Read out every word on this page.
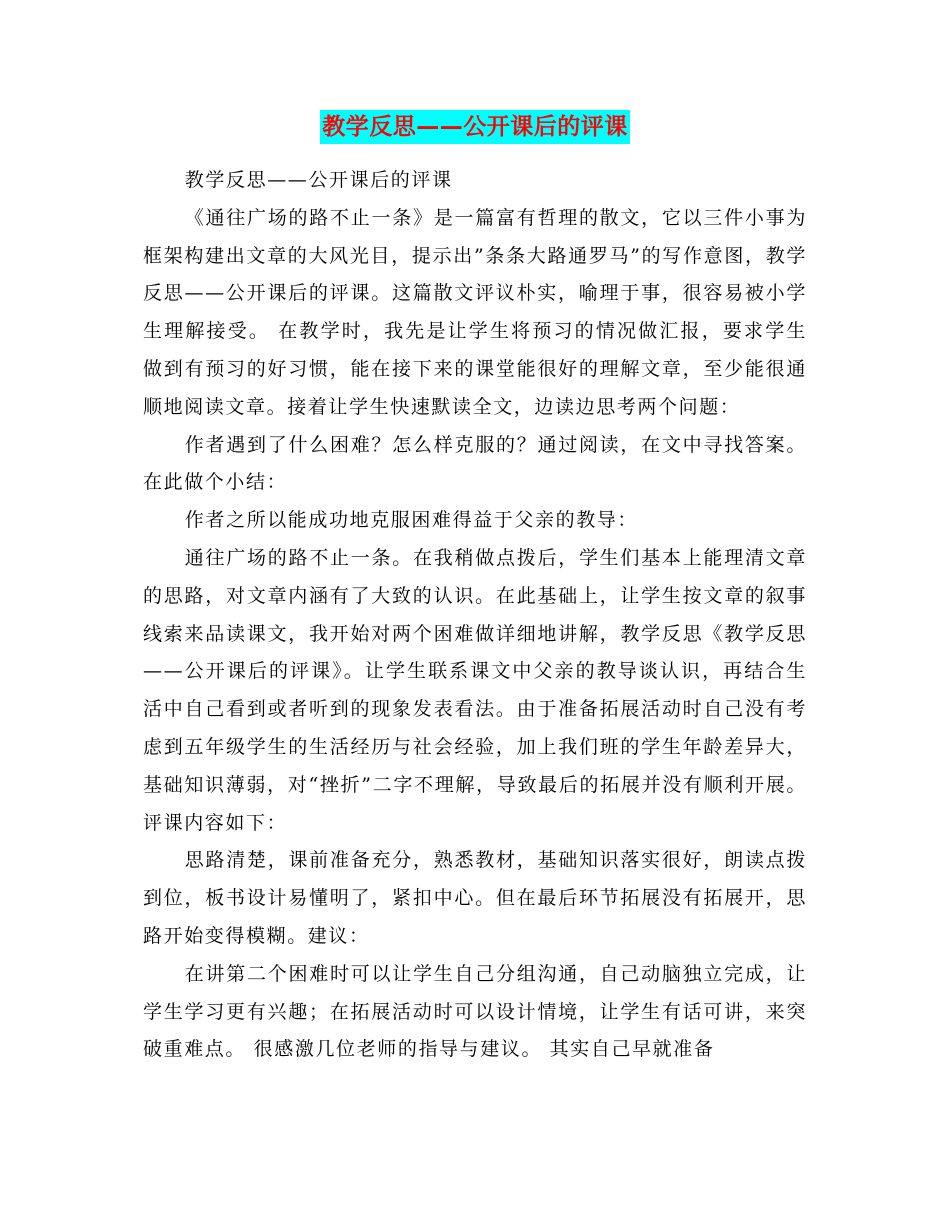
教学反思——公开课后的评课

教学反思——公开课后的评课

《通往广场的路不止一条》是一篇富有哲理的散文，它以三件小事为框架构建出文章的大风光目，提示出”条条大路通罗马”的写作意图，教学反思——公开课后的评课。这篇散文评议朴实，喻理于事，很容易被小学生理解接受。 在教学时，我先是让学生将预习的情况做汇报，要求学生做到有预习的好习惯，能在接下来的课堂能很好的理解文章，至少能很通顺地阅读文章。接着让学生快速默读全文，边读边思考两个问题：

作者遇到了什么困难？怎么样克服的？通过阅读，在文中寻找答案。在此做个小结：

作者之所以能成功地克服困难得益于父亲的教导：

通往广场的路不止一条。在我稍做点拨后，学生们基本上能理清文章的思路，对文章内涵有了大致的认识。在此基础上，让学生按文章的叙事线索来品读课文，我开始对两个困难做详细地讲解，教学反思《教学反思——公开课后的评课》。让学生联系课文中父亲的教导谈认识，再结合生活中自己看到或者听到的现象发表看法。由于准备拓展活动时自己没有考虑到五年级学生的生活经历与社会经验，加上我们班的学生年龄差异大，基础知识薄弱，对“挫折”二字不理解，导致最后的拓展并没有顺利开展。 评课内容如下：

思路清楚，课前准备充分，熟悉教材，基础知识落实很好，朗读点拨到位，板书设计易懂明了，紧扣中心。但在最后环节拓展没有拓展开，思路开始变得模糊。建议：

在讲第二个困难时可以让学生自己分组沟通，自己动脑独立完成，让学生学习更有兴趣；在拓展活动时可以设计情境，让学生有话可讲，来突破重难点。 很感激几位老师的指导与建议。 其实自己早就准备
